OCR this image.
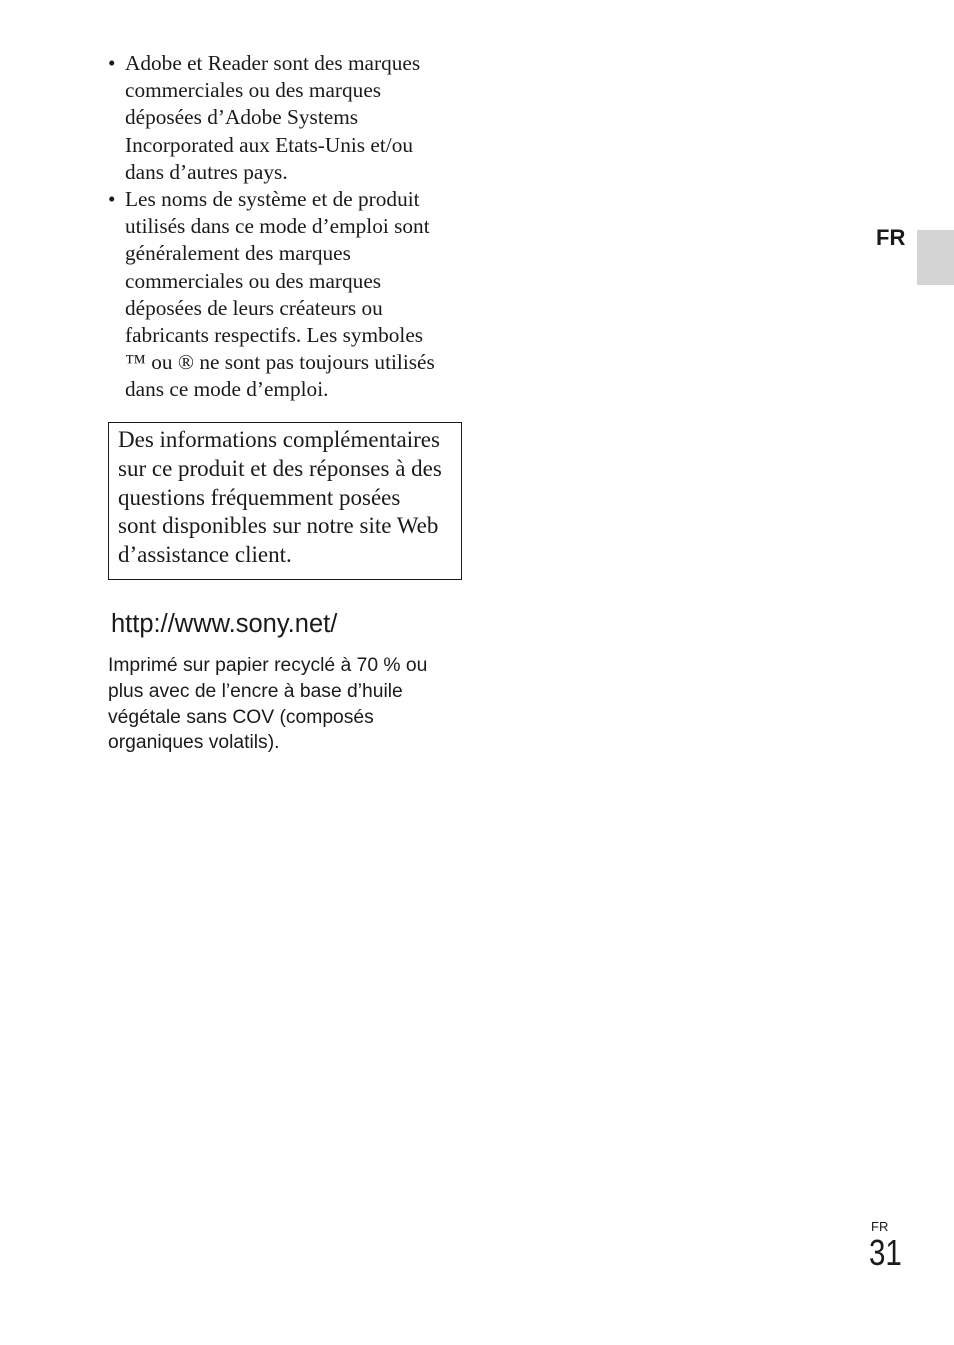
• Adobe et Reader sont des marques
commerciales ou des marques
déposées d’Adobe Systems
Incorporated aux Etats-Unis et/ou
dans d’autres pays.
• Les noms de système et de produit
utilisés dans ce mode d’emploi sont
généralement des marques
commerciales ou des marques
déposées de leurs créateurs ou
fabricants respectifs. Les symboles
™ ou ® ne sont pas toujours utilisés
dans ce mode d’emploi.
Des informations complémentaires
sur ce produit et des réponses à des
questions fréquemment posées
sont disponibles sur notre site Web
d’assistance client.
http://www.sony.net/
Imprimé sur papier recyclé à 70 % ou
plus avec de l’encre à base d’huile
végétale sans COV (composés
organiques volatils).
FR
FR
31
